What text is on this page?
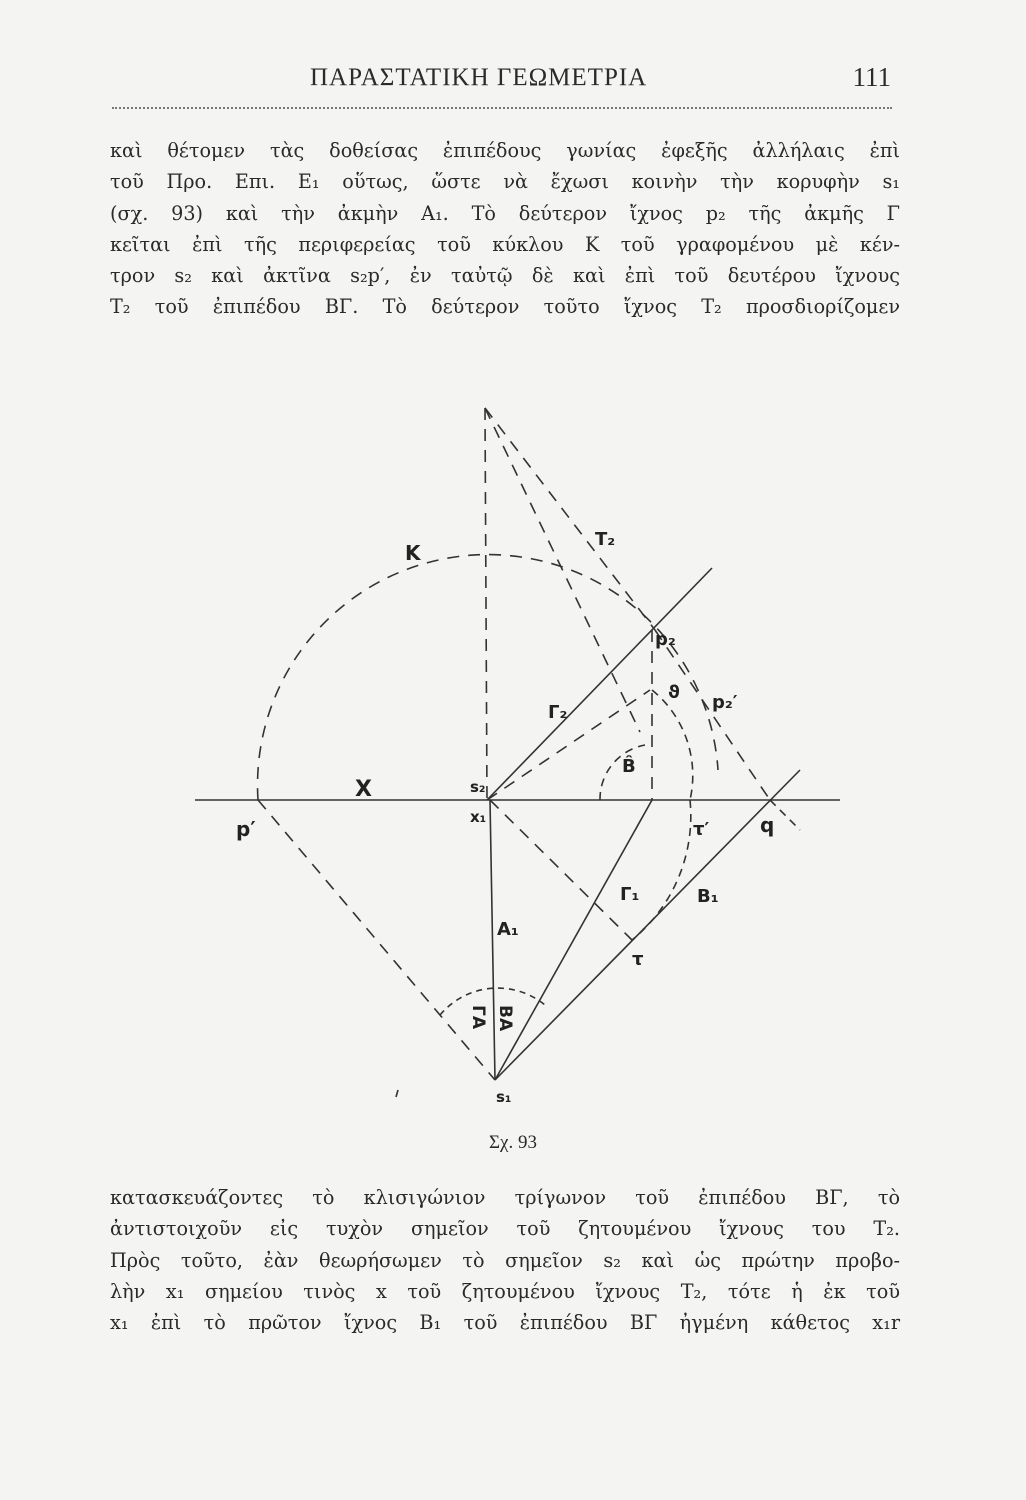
ΠΑΡΑΣΤΑΤΙΚΗ ΓΕΩΜΕΤΡΙΑ	111
καὶ θέτομεν τὰς δοθείσας ἐπιπέδους γωνίας ἐφεξῆς ἀλλήλαις ἐπὶ
τοῦ Προ. Επι. Ε₁ οὕτως, ὥστε νὰ ἔχωσι κοινὴν τὴν κορυφὴν s₁
(σχ. 93) καὶ τὴν ἀκμὴν Α₁. Τὸ δεύτερον ἴχνος p₂ τῆς ἀκμῆς Γ
κεῖται ἐπὶ τῆς περιφερείας τοῦ κύκλου Κ τοῦ γραφομένου μὲ κέν-
τρον s₂ καὶ ἀκτῖνα s₂p′, ἐν ταὐτῷ δὲ καὶ ἐπὶ τοῦ δευτέρου ἴχνους
Τ₂ τοῦ ἐπιπέδου ΒΓ. Τὸ δεύτερον τοῦτο ἴχνος Τ₂ προσδιορίζομεν
K
X
T₂
p₂
ϑ p₂′
Γ₂
B̂
s₂
x₁
p′	τ′	q
Γ₁	B₁
A₁
τ
BA
ΓA
s₁
Σχ. 93
κατασκευάζοντες τὸ κλισιγώνιον τρίγωνον τοῦ ἐπιπέδου ΒΓ, τὸ
ἀντιστοιχοῦν εἰς τυχὸν σημεῖον τοῦ ζητουμένου ἴχνους του Τ₂.
Πρὸς τοῦτο, ἐὰν θεωρήσωμεν τὸ σημεῖον s₂ καὶ ὡς πρώτην προβο-
λὴν x₁ σημείου τινὸς x τοῦ ζητουμένου ἴχνους Τ₂, τότε ἡ ἐκ τοῦ
x₁ ἐπὶ τὸ πρῶτον ἴχνος Β₁ τοῦ ἐπιπέδου ΒΓ ἠγμένη κάθετος x₁r
